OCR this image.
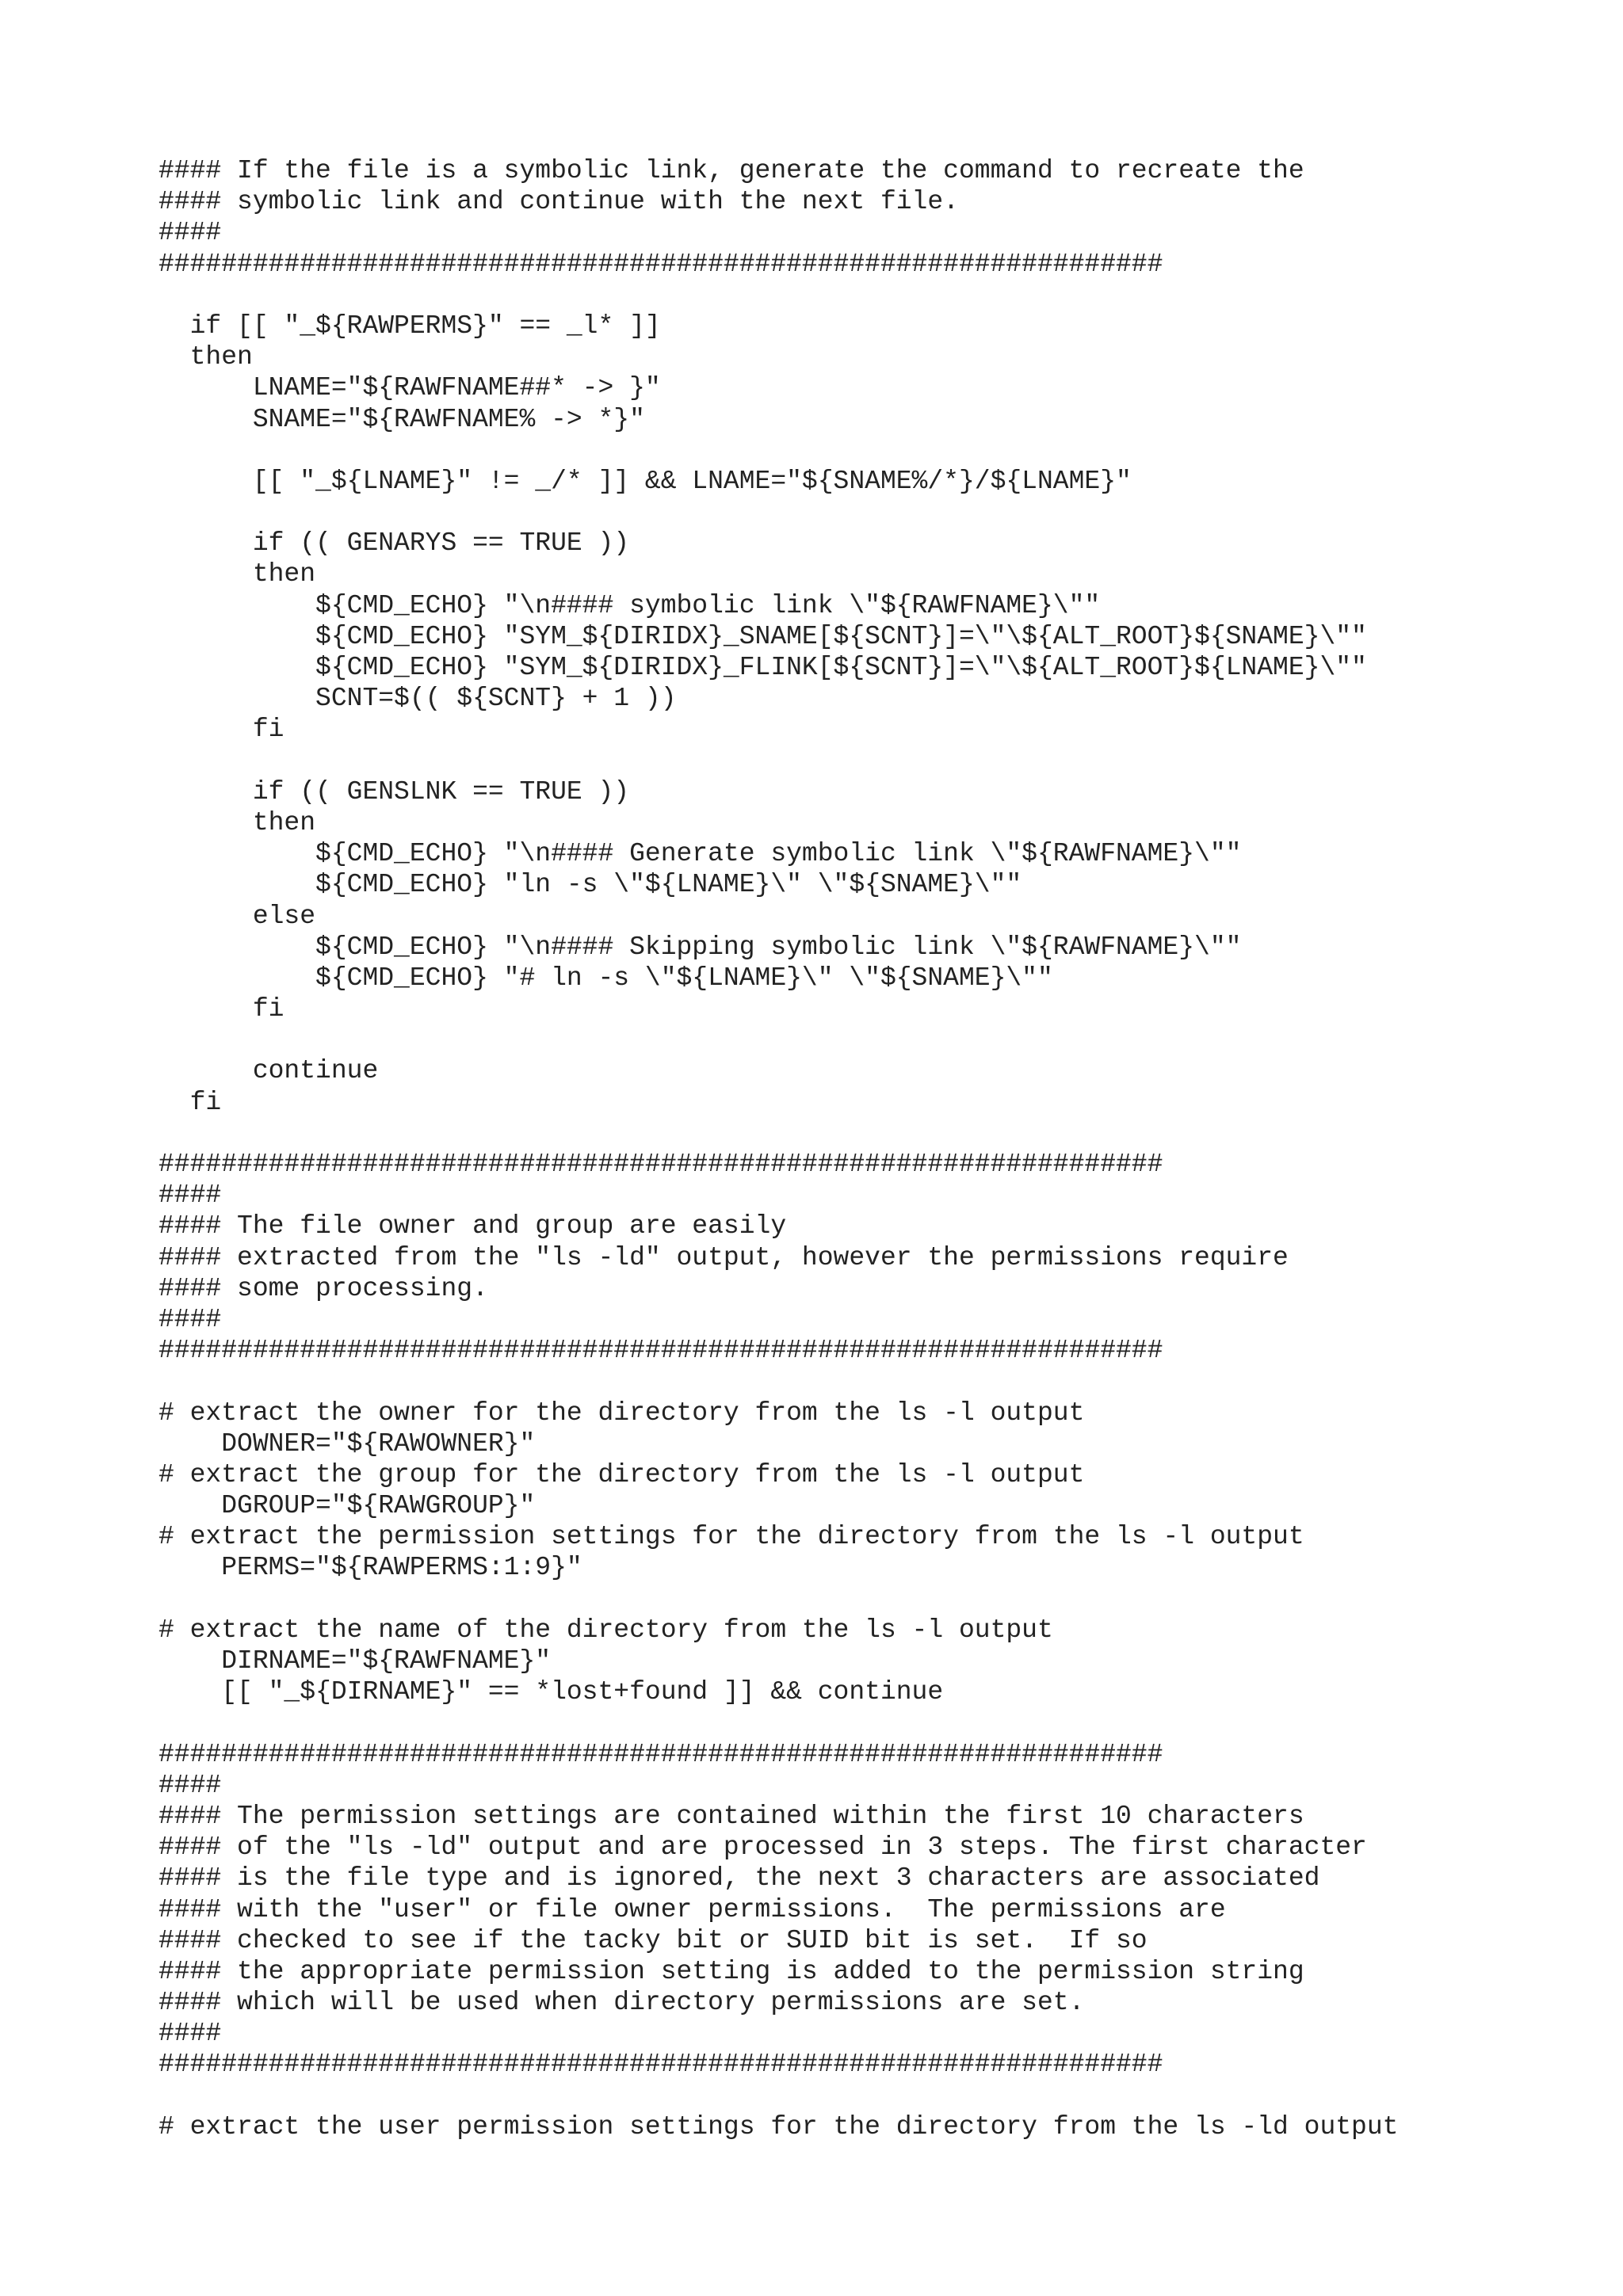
#### If the file is a symbolic link, generate the command to recreate the
#### symbolic link and continue with the next file.
####
################################################################
if [[ "_${RAWPERMS}" == _l* ]]
then
LNAME="${RAWFNAME##* -> }"
SNAME="${RAWFNAME% -> *}"
[[ "_${LNAME}" != _/* ]] && LNAME="${SNAME%/*}/${LNAME}"
if (( GENARYS == TRUE ))
then
${CMD_ECHO} "\n#### symbolic link \"${RAWFNAME}\""
${CMD_ECHO} "SYM_${DIRIDX}_SNAME[${SCNT}]=\"\${ALT_ROOT}${SNAME}\""
${CMD_ECHO} "SYM_${DIRIDX}_FLINK[${SCNT}]=\"\${ALT_ROOT}${LNAME}\""
SCNT=$(( ${SCNT} + 1 ))
fi
if (( GENSLNK == TRUE ))
then
${CMD_ECHO} "\n#### Generate symbolic link \"${RAWFNAME}\""
${CMD_ECHO} "ln -s \"${LNAME}\" \"${SNAME}\""
else
${CMD_ECHO} "\n#### Skipping symbolic link \"${RAWFNAME}\""
${CMD_ECHO} "# ln -s \"${LNAME}\" \"${SNAME}\""
fi
continue
fi
################################################################
####
#### The file owner and group are easily
#### extracted from the "ls -ld" output, however the permissions require
#### some processing.
####
################################################################
# extract the owner for the directory from the ls -l output
DOWNER="${RAWOWNER}"
# extract the group for the directory from the ls -l output
DGROUP="${RAWGROUP}"
# extract the permission settings for the directory from the ls -l output
PERMS="${RAWPERMS:1:9}"
# extract the name of the directory from the ls -l output
DIRNAME="${RAWFNAME}"
[[ "_${DIRNAME}" == *lost+found ]] && continue
################################################################
####
#### The permission settings are contained within the first 10 characters
#### of the "ls -ld" output and are processed in 3 steps. The first character
#### is the file type and is ignored, the next 3 characters are associated
#### with the "user" or file owner permissions.  The permissions are
#### checked to see if the tacky bit or SUID bit is set.  If so
#### the appropriate permission setting is added to the permission string
#### which will be used when directory permissions are set.
####
################################################################
# extract the user permission settings for the directory from the ls -ld output
